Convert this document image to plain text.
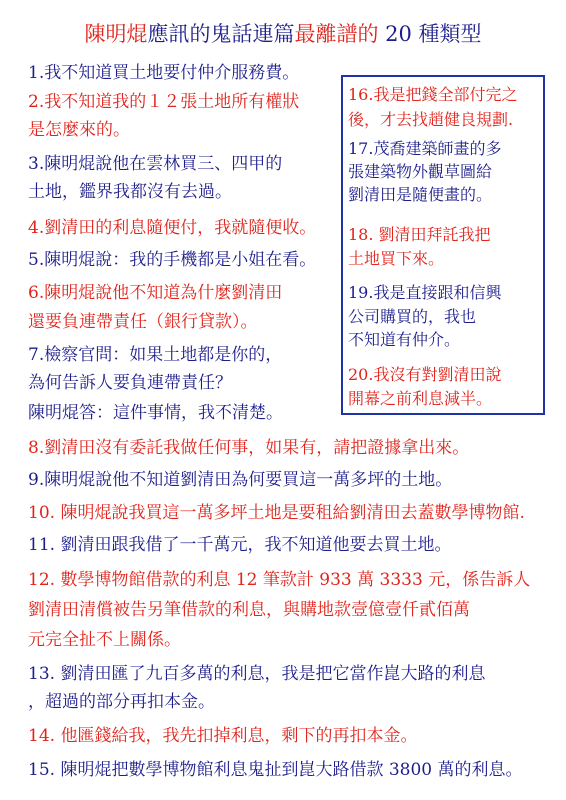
陳明焜應訊的鬼話連篇最離譜的 20 種類型
1.我不知道買土地要付仲介服務費。
2.我不知道我的１２張土地所有權狀
是怎麼來的。
3.陳明焜說他在雲林買三、四甲的
土地，鑑界我都沒有去過。
4.劉清田的利息隨便付，我就隨便收。
5.陳明焜說：我的手機都是小姐在看。
6.陳明焜說他不知道為什麼劉清田
還要負連帶責任（銀行貸款）。
7.檢察官問：如果土地都是你的，
為何告訴人要負連帶責任？
陳明焜答：這件事情，我不清楚。
8.劉清田沒有委託我做任何事，如果有，請把證據拿出來。
9.陳明焜說他不知道劉清田為何要買這一萬多坪的土地。
10. 陳明焜說我買這一萬多坪土地是要租給劉清田去蓋數學博物館.
11. 劉清田跟我借了一千萬元，我不知道他要去買土地。
12. 數學博物館借款的利息 12 筆款計 933 萬 3333 元，係告訴人
劉清田清償被告另筆借款的利息，與購地款壹億壹仟貳佰萬
元完全扯不上關係。
13. 劉清田匯了九百多萬的利息，我是把它當作崑大路的利息
，超過的部分再扣本金。
14. 他匯錢給我，我先扣掉利息，剩下的再扣本金。
15. 陳明焜把數學博物館利息鬼扯到崑大路借款 3800 萬的利息。
16.我是把錢全部付完之
後，才去找趙健良規劃.
17.茂喬建築師畫的多
張建築物外觀草圖給
劉清田是隨便畫的。
18. 劉清田拜託我把
土地買下來。
19.我是直接跟和信興
公司購買的，我也
不知道有仲介。
20.我沒有對劉清田說
開幕之前利息減半。
